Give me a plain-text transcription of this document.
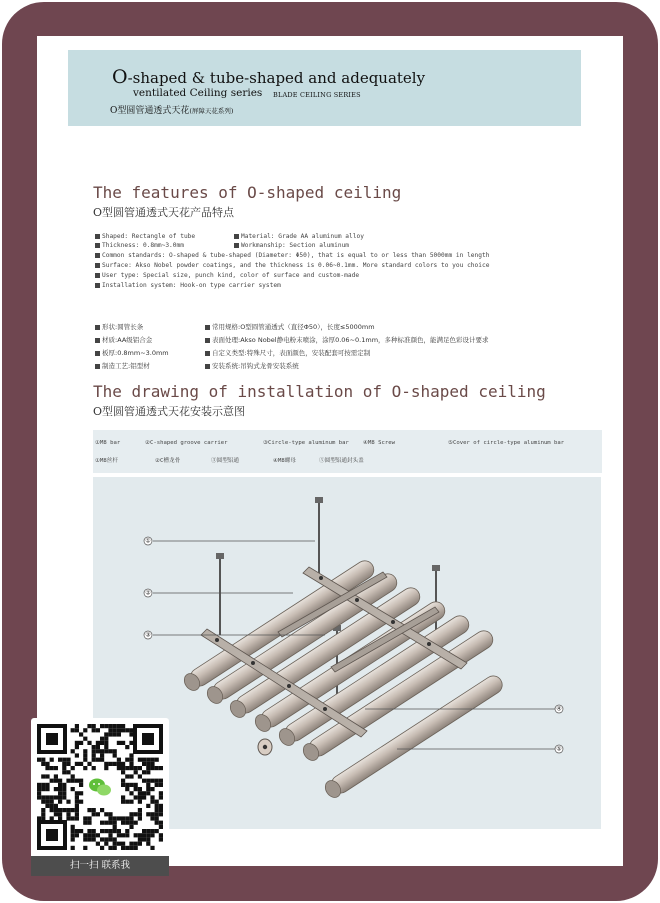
O-shaped & tube-shaped and adequately
ventilated Ceiling series BLADE CEILING SERIES
O型圆管通透式天花(屏障天花系列)
The features of O-shaped ceiling
O型圆管通透式天花产品特点
Shaped: Rectangle of tube	Material: Grade AA aluminum alloy
Thickness: 0.8mm~3.0mm	Workmanship: Section aluminum
Common standards: O-shaped & tube-shaped (Diameter: Φ50), that is equal to or less than 5000mm in length
Surface: Akso Nobel powder coatings, and the thickness is 0.06~0.1mm. More standard colors to you choice
User type: Special size, punch kind, color of surface and custom-made
Installation system: Hook-on type carrier system
形状:圆管长条	常用规格:O型圆管通透式（直径Φ50），长度≤5000mm
材质:AA级铝合金	表面处理:Akso Nobel静电粉末喷涂，涂厚0.06~0.1mm，多种标准颜色，能满足色彩设计要求
板厚:0.8mm~3.0mm	自定义类型:特殊尺寸，表面颜色，安装配套可按需定制
制造工艺:铝型材	安装系统:吊钩式龙骨安装系统
The drawing of installation of O-shaped ceiling
O型圆管通透式天花安装示意图
①M8 bar	②C-shaped groove carrier	③Circle-type aluminum bar	④M8 Screw	⑤Cover of circle-type aluminum bar
①M8丝杆	②C槽龙骨	③圆型铝通	④M8螺母	⑤圆型铝通封头盖
①
②
③
④
⑤
扫一扫 联系我
